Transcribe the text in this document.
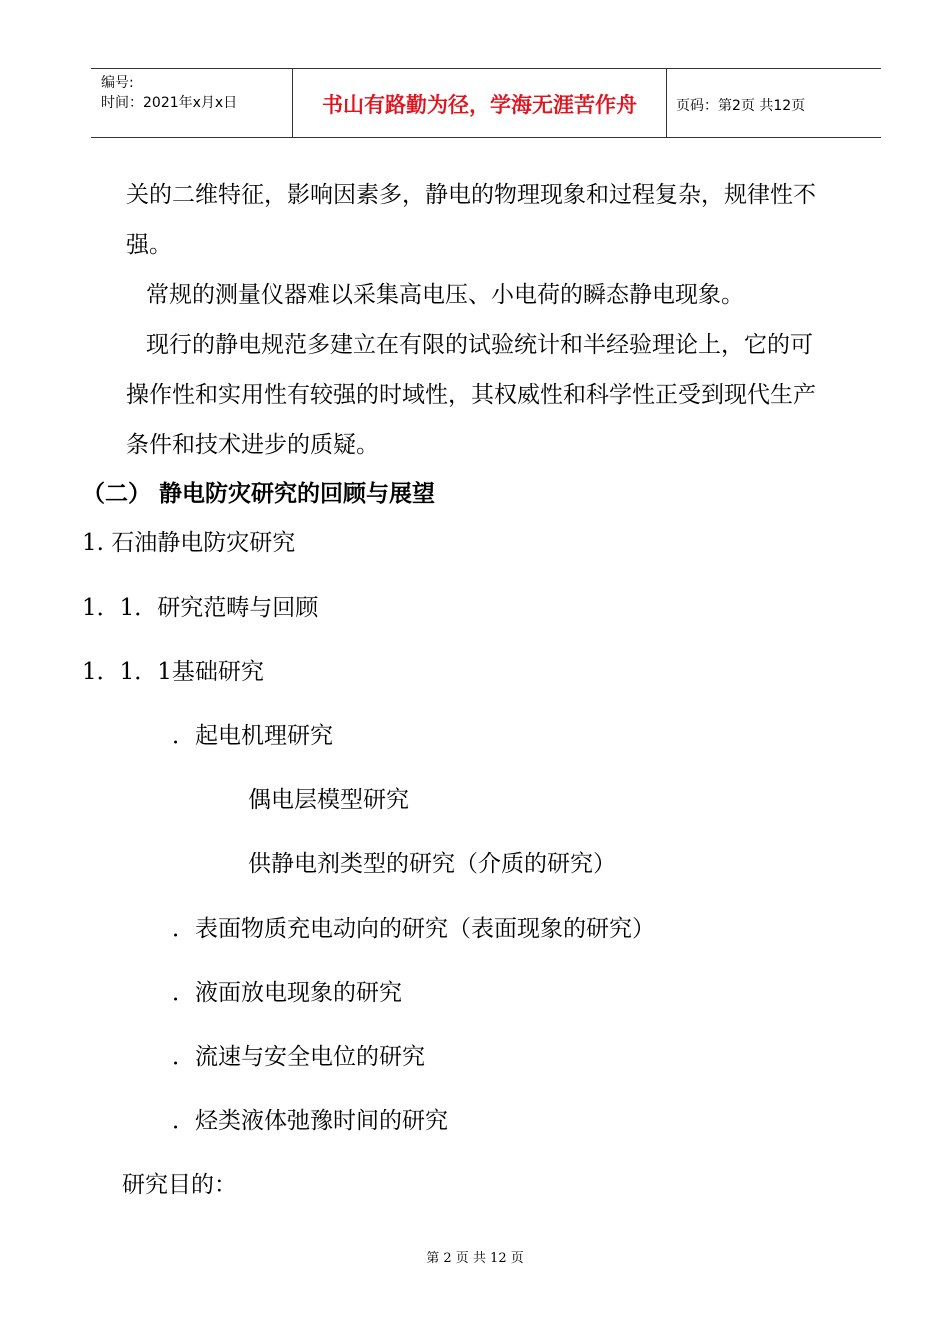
编号:
时间：2021年x月x日	书山有路勤为径，学海无涯苦作舟	页码：第2页 共12页
关的二维特征，影响因素多，静电的物理现象和过程复杂，规律性不
强。
常规的测量仪器难以采集高电压、小电荷的瞬态静电现象。
现行的静电规范多建立在有限的试验统计和半经验理论上，它的可
操作性和实用性有较强的时域性，其权威性和科学性正受到现代生产
条件和技术进步的质疑。
（二） 静电防灾研究的回顾与展望
1. 石油静电防灾研究
1．1．研究范畴与回顾
1．1．1基础研究
．起电机理研究
偶电层模型研究
供静电剂类型的研究（介质的研究）
．表面物质充电动向的研究（表面现象的研究）
．液面放电现象的研究
．流速与安全电位的研究
．烃类液体弛豫时间的研究
研究目的：
第 2 页 共 12 页
